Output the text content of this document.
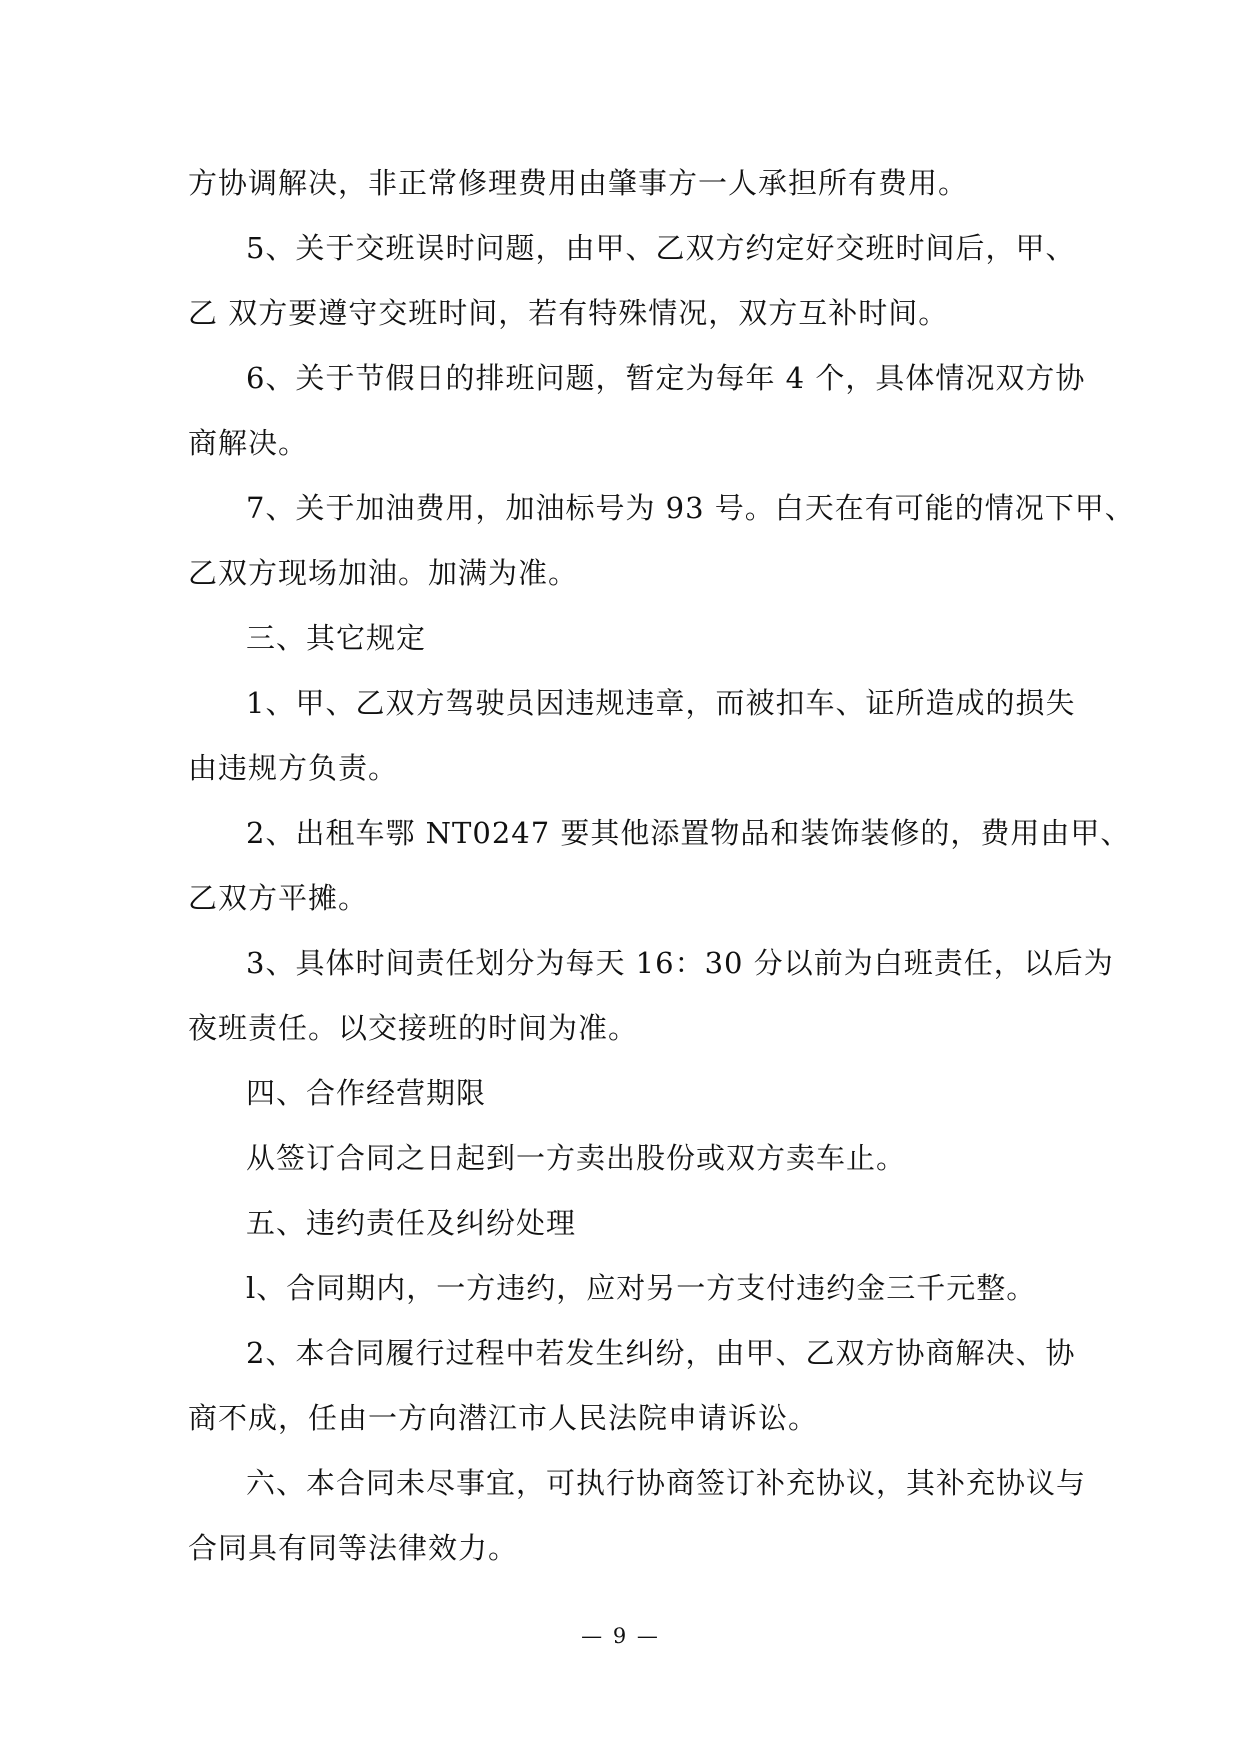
方协调解决，非正常修理费用由肇事方一人承担所有费用。
5、关于交班误时问题，由甲、乙双方约定好交班时间后，甲、
乙 双方要遵守交班时间，若有特殊情况，双方互补时间。
6、关于节假日的排班问题，暂定为每年 4 个，具体情况双方协
商解决。
7、关于加油费用，加油标号为 93 号。白天在有可能的情况下甲、
乙双方现场加油。加满为准。
三、其它规定
1、甲、乙双方驾驶员因违规违章，而被扣车、证所造成的损失
由违规方负责。
2、出租车鄂 NT0247 要其他添置物品和装饰装修的，费用由甲、
乙双方平摊。
3、具体时间责任划分为每天 16：30 分以前为白班责任，以后为
夜班责任。以交接班的时间为准。
四、合作经营期限
从签订合同之日起到一方卖出股份或双方卖车止。
五、违约责任及纠纷处理
l、合同期内，一方违约，应对另一方支付违约金三千元整。
2、本合同履行过程中若发生纠纷，由甲、乙双方协商解决、协
商不成，任由一方向潜江市人民法院申请诉讼。
六、本合同未尽事宜，可执行协商签订补充协议，其补充协议与
合同具有同等法律效力。
— 9 —
